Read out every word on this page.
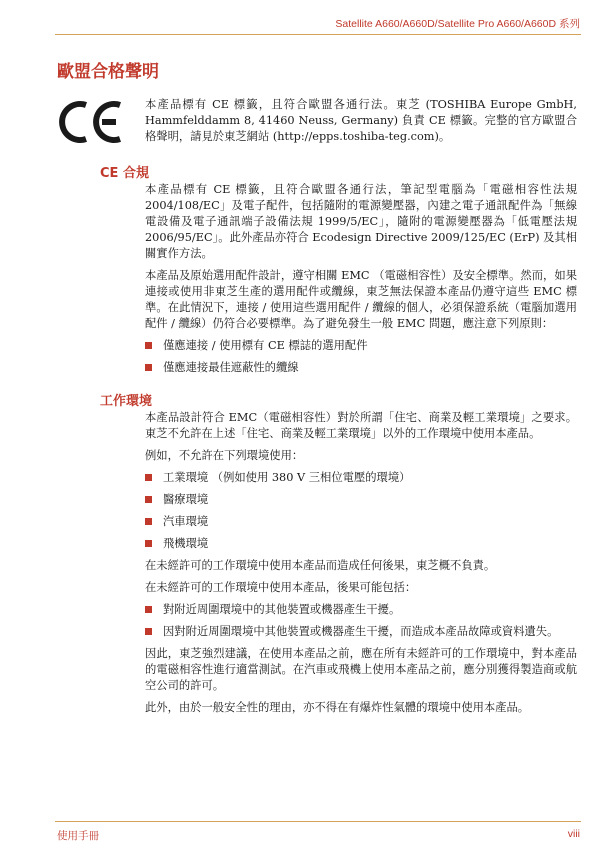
Satellite A660/A660D/Satellite Pro A660/A660D 系列
歐盟合格聲明

本產品標有 CE 標籤，且符合歐盟各通行法。東芝 (TOSHIBA Europe GmbH, Hammfelddamm 8, 41460 Neuss, Germany) 負責 CE 標籤。完整的官方歐盟合格聲明，請見於東芝網站 (http://epps.toshiba-teg.com)。

CE 合規

本產品標有 CE 標籤，且符合歐盟各通行法，筆記型電腦為「電磁相容性法規 2004/108/EC」及電子配件，包括隨附的電源變壓器，內建之電子通訊配件為「無線電設備及電子通訊端子設備法規 1999/5/EC」，隨附的電源變壓器為「低電壓法規 2006/95/EC」。此外產品亦符合 Ecodesign Directive 2009/125/EC (ErP) 及其相關實作方法。

本產品及原始選用配件設計，遵守相關 EMC （電磁相容性）及安全標準。然而，如果連接或使用非東芝生產的選用配件或纜線，東芝無法保證本產品仍遵守這些 EMC 標準。在此情況下，連接 / 使用這些選用配件 / 纜線的個人，必須保證系統（電腦加選用配件 / 纜線）仍符合必要標準。為了避免發生一般 EMC 問題，應注意下列原則：

僅應連接 / 使用標有 CE 標誌的選用配件
僅應連接最佳遮蔽性的纜線
工作環境

本產品設計符合 EMC（電磁相容性）對於所謂「住宅、商業及輕工業環境」之要求。東芝不允許在上述「住宅、商業及輕工業環境」以外的工作環境中使用本產品。

例如，不允許在下列環境使用：

工業環境 （例如使用 380 V 三相位電壓的環境）
醫療環境
汽車環境
飛機環境

在未經許可的工作環境中使用本產品而造成任何後果，東芝概不負責。

在未經許可的工作環境中使用本產品，後果可能包括：

對附近周圍環境中的其他裝置或機器產生干擾。
因對附近周圍環境中其他裝置或機器產生干擾，而造成本產品故障或資料遺失。

因此，東芝強烈建議，在使用本產品之前，應在所有未經許可的工作環境中，對本產品的電磁相容性進行適當測試。在汽車或飛機上使用本產品之前，應分別獲得製造商或航空公司的許可。

此外，由於一般安全性的理由，亦不得在有爆炸性氣體的環境中使用本產品。

使用手冊	viii
